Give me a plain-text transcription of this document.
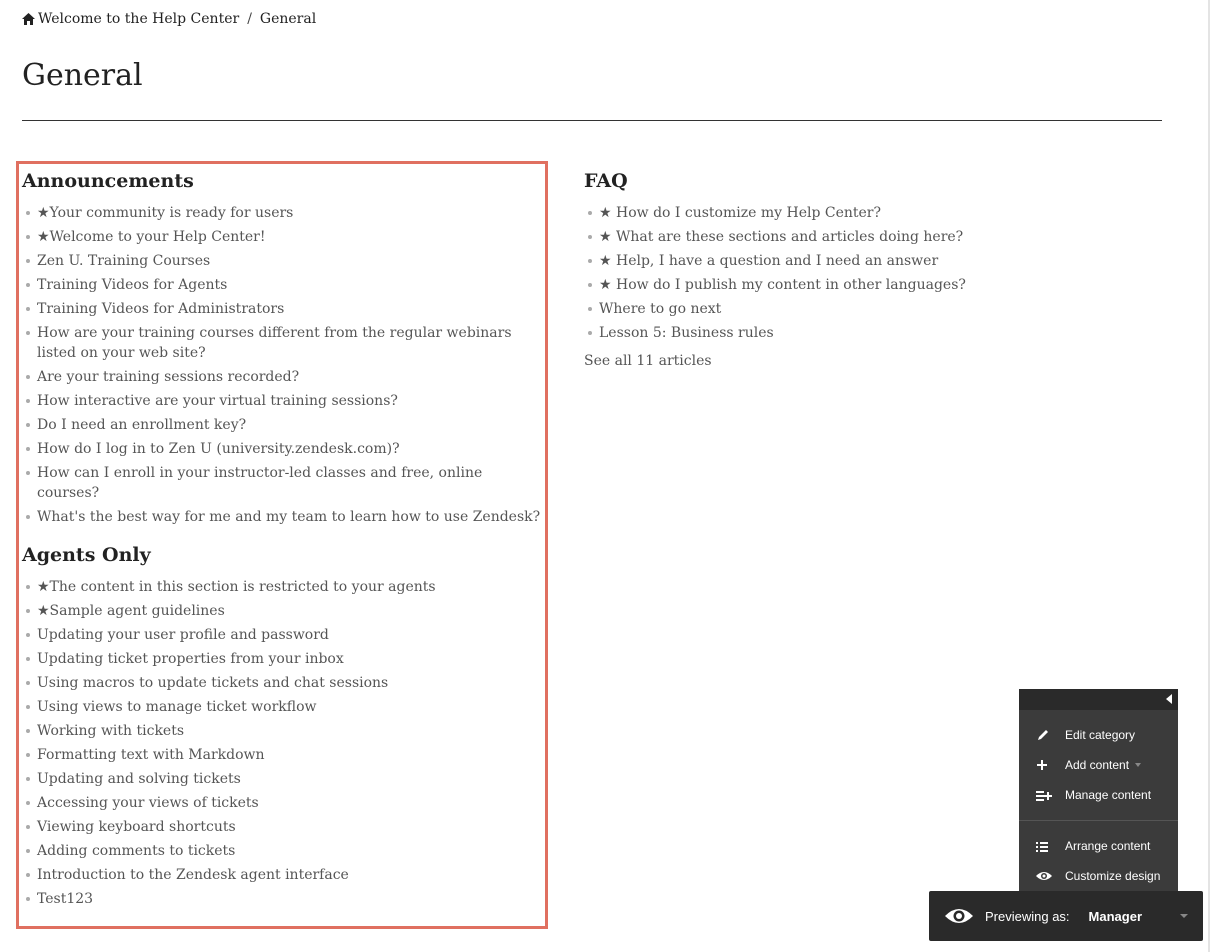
Welcome to the Help Center / General
General
Announcements
★Your community is ready for users
★Welcome to your Help Center!
Zen U. Training Courses
Training Videos for Agents
Training Videos for Administrators
How are your training courses different from the regular webinars listed on your web site?
Are your training sessions recorded?
How interactive are your virtual training sessions?
Do I need an enrollment key?
How do I log in to Zen U (university.zendesk.com)?
How can I enroll in your instructor-led classes and free, online courses?
What's the best way for me and my team to learn how to use Zendesk?
Agents Only
★The content in this section is restricted to your agents
★Sample agent guidelines
Updating your user profile and password
Updating ticket properties from your inbox
Using macros to update tickets and chat sessions
Using views to manage ticket workflow
Working with tickets
Formatting text with Markdown
Updating and solving tickets
Accessing your views of tickets
Viewing keyboard shortcuts
Adding comments to tickets
Introduction to the Zendesk agent interface
Test123
FAQ
★ How do I customize my Help Center?
★ What are these sections and articles doing here?
★ Help, I have a question and I need an answer
★ How do I publish my content in other languages?
Where to go next
Lesson 5: Business rules
See all 11 articles
Edit category
Add content
Manage content
Arrange content
Customize design
Previewing as: Manager
